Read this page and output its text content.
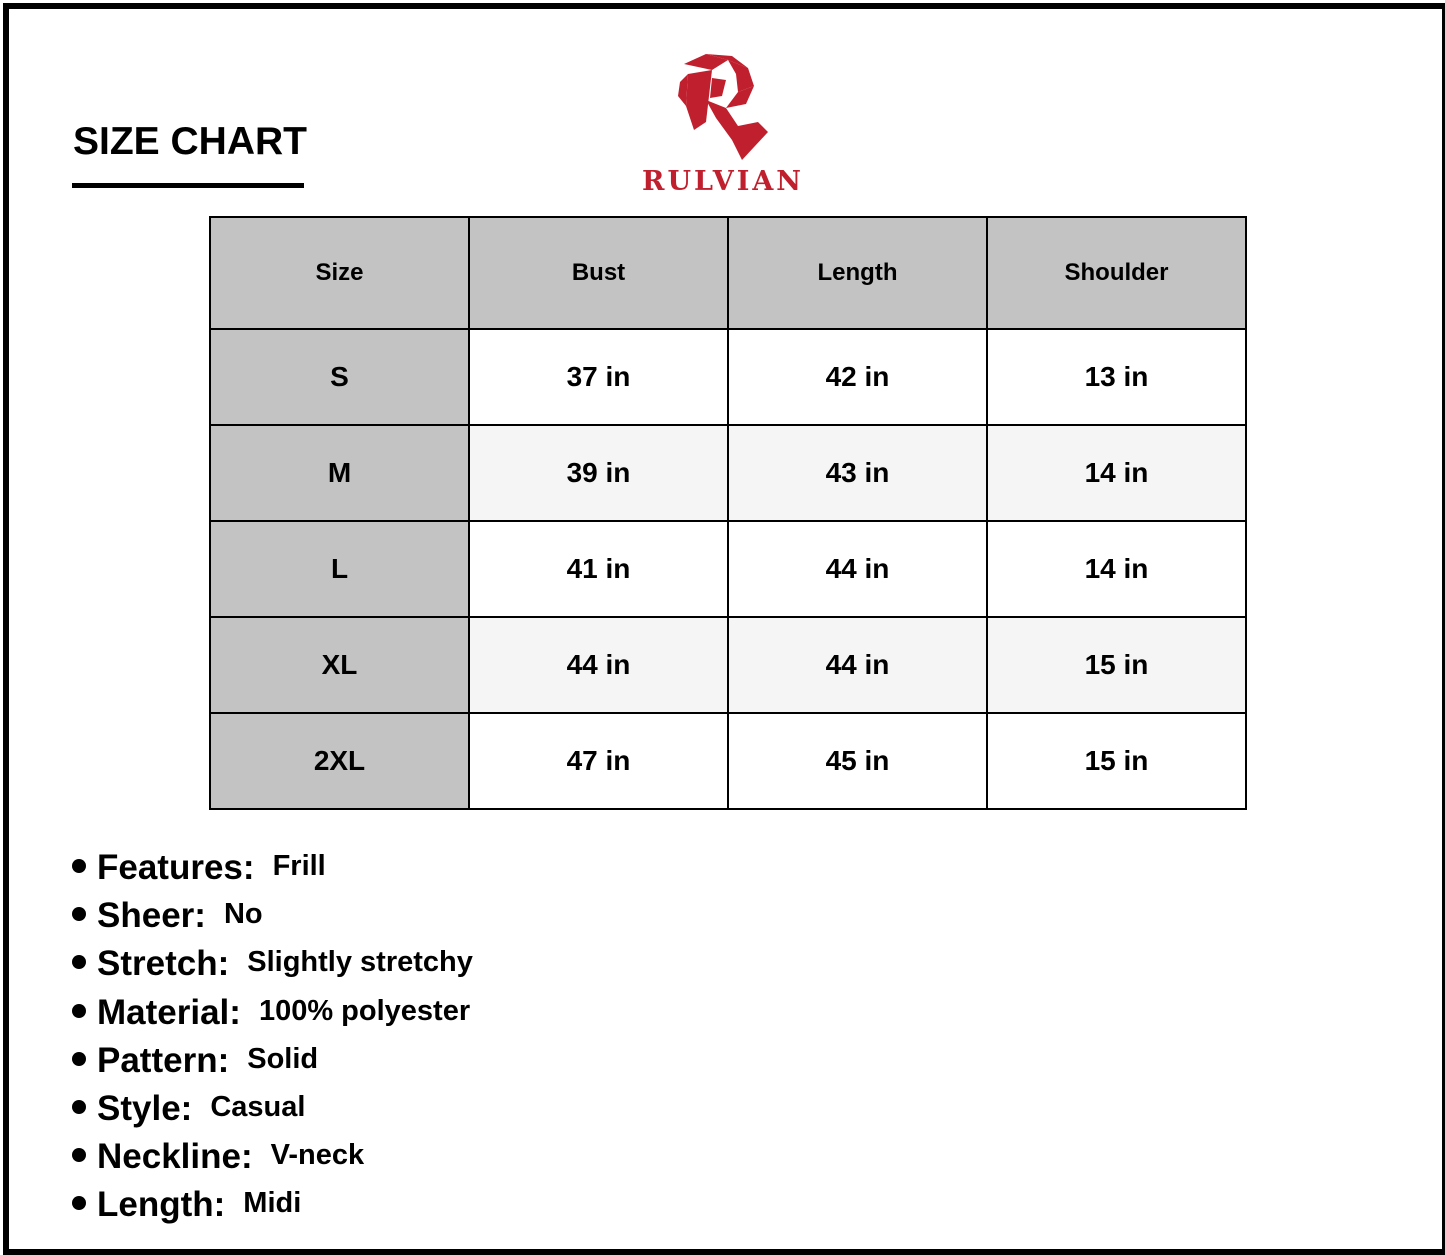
SIZE CHART
RULVIAN
Size	Bust	Length	Shoulder
S	37 in	42 in	13 in
M	39 in	43 in	14 in
L	41 in	44 in	14 in
XL	44 in	44 in	15 in
2XL	47 in	45 in	15 in
Features: Frill
Sheer: No
Stretch: Slightly stretchy
Material: 100% polyester
Pattern: Solid
Style: Casual
Neckline: V-neck
Length: Midi
